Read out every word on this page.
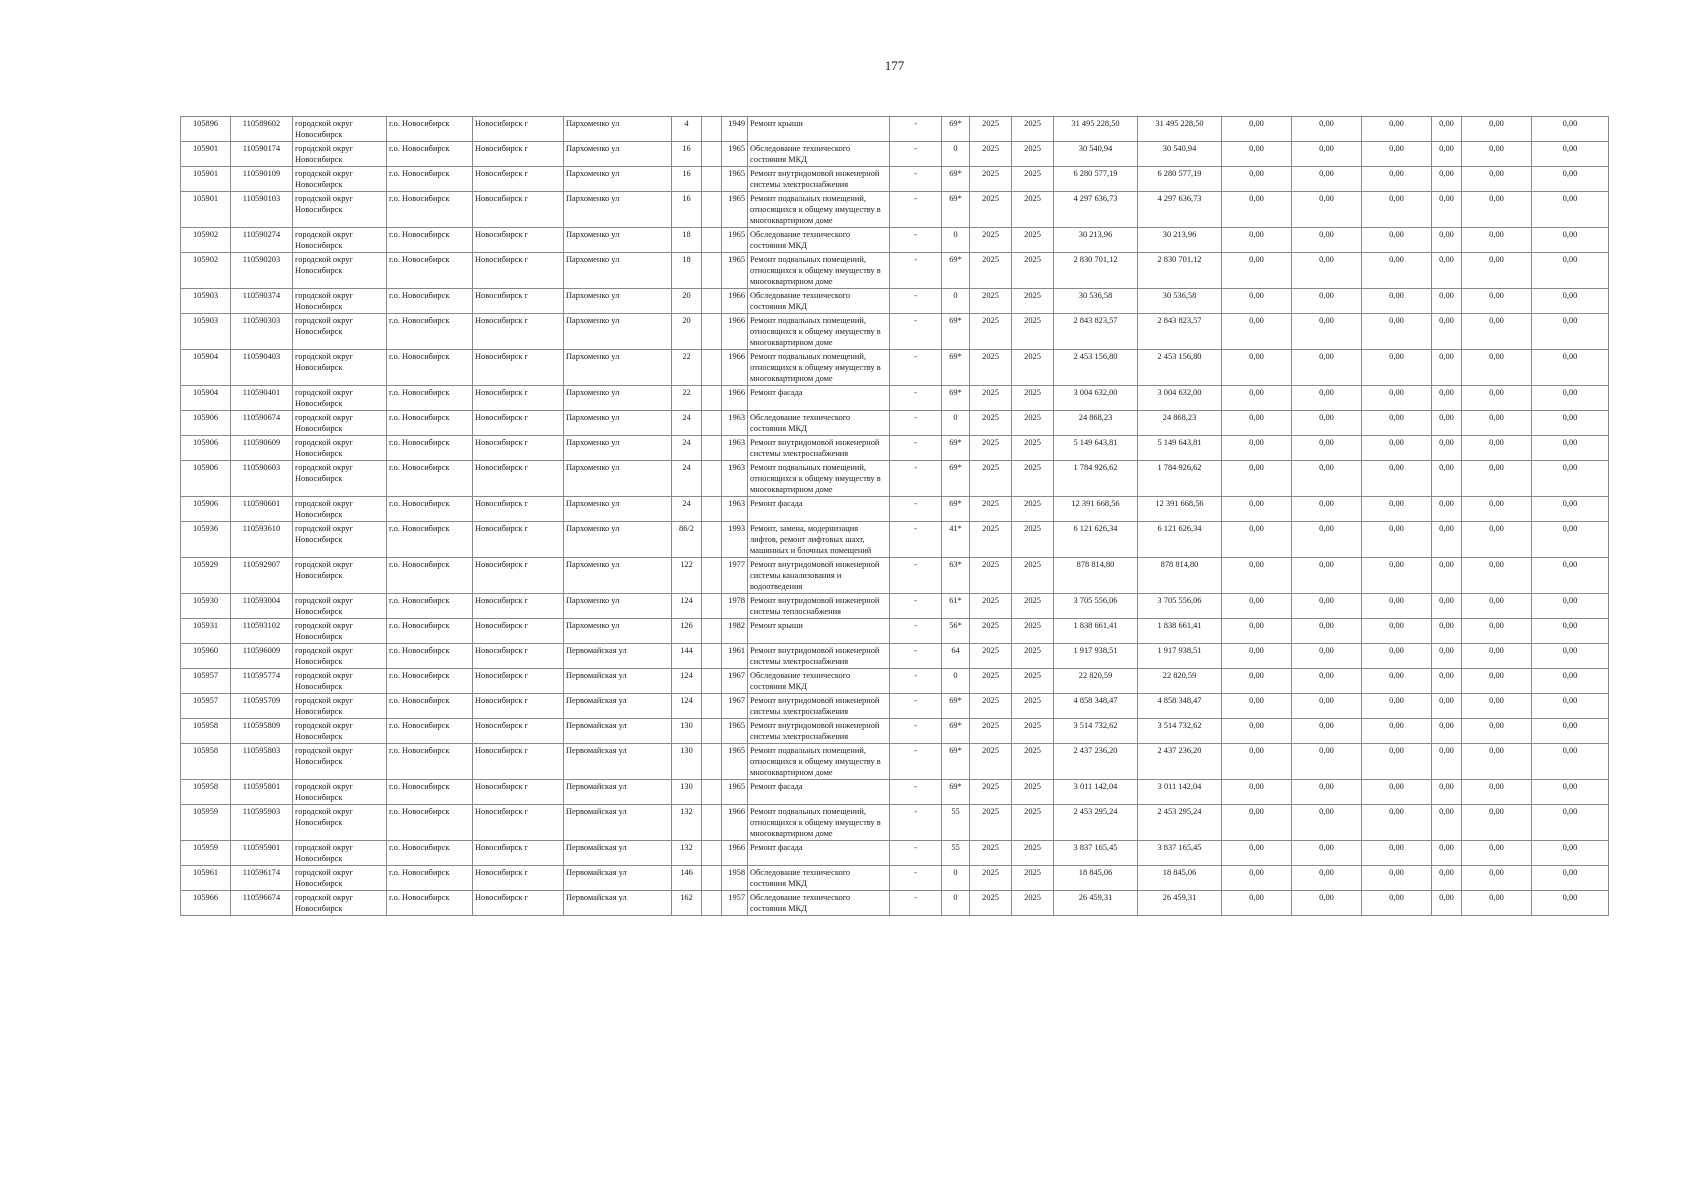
177
105896	110589602	городской округ Новосибирск	г.о. Новосибирск	Новосибирск г	Пархоменко ул	4		1949	Ремонт крыши	-	69*	2025	2025	31 495 228,50	31 495 228,50	0,00	0,00	0,00	0,00	0,00	0,00
105901	110590174	городской округ Новосибирск	г.о. Новосибирск	Новосибирск г	Пархоменко ул	16		1965	Обследование технического состояния МКД	-	0	2025	2025	30 540,94	30 540,94	0,00	0,00	0,00	0,00	0,00	0,00
105901	110590109	городской округ Новосибирск	г.о. Новосибирск	Новосибирск г	Пархоменко ул	16		1965	Ремонт внутридомовой инженерной системы электроснабжения	-	69*	2025	2025	6 280 577,19	6 280 577,19	0,00	0,00	0,00	0,00	0,00	0,00
105901	110590103	городской округ Новосибирск	г.о. Новосибирск	Новосибирск г	Пархоменко ул	16		1965	Ремонт подвальных помещений, относящихся к общему имуществу в многоквартирном доме	-	69*	2025	2025	4 297 636,73	4 297 636,73	0,00	0,00	0,00	0,00	0,00	0,00
105902	110590274	городской округ Новосибирск	г.о. Новосибирск	Новосибирск г	Пархоменко ул	18		1965	Обследование технического состояния МКД	-	0	2025	2025	30 213,96	30 213,96	0,00	0,00	0,00	0,00	0,00	0,00
105902	110590203	городской округ Новосибирск	г.о. Новосибирск	Новосибирск г	Пархоменко ул	18		1965	Ремонт подвальных помещений, относящихся к общему имуществу в многоквартирном доме	-	69*	2025	2025	2 830 701,12	2 830 701,12	0,00	0,00	0,00	0,00	0,00	0,00
105903	110590374	городской округ Новосибирск	г.о. Новосибирск	Новосибирск г	Пархоменко ул	20		1966	Обследование технического состояния МКД	-	0	2025	2025	30 536,58	30 536,58	0,00	0,00	0,00	0,00	0,00	0,00
105903	110590303	городской округ Новосибирск	г.о. Новосибирск	Новосибирск г	Пархоменко ул	20		1966	Ремонт подвальных помещений, относящихся к общему имуществу в многоквартирном доме	-	69*	2025	2025	2 843 823,57	2 843 823,57	0,00	0,00	0,00	0,00	0,00	0,00
105904	110590403	городской округ Новосибирск	г.о. Новосибирск	Новосибирск г	Пархоменко ул	22		1966	Ремонт подвальных помещений, относящихся к общему имуществу в многоквартирном доме	-	69*	2025	2025	2 453 156,80	2 453 156,80	0,00	0,00	0,00	0,00	0,00	0,00
105904	110590401	городской округ Новосибирск	г.о. Новосибирск	Новосибирск г	Пархоменко ул	22		1966	Ремонт фасада	-	69*	2025	2025	3 004 632,00	3 004 632,00	0,00	0,00	0,00	0,00	0,00	0,00
105906	110590674	городской округ Новосибирск	г.о. Новосибирск	Новосибирск г	Пархоменко ул	24		1963	Обследование технического состояния МКД	-	0	2025	2025	24 868,23	24 868,23	0,00	0,00	0,00	0,00	0,00	0,00
105906	110590609	городской округ Новосибирск	г.о. Новосибирск	Новосибирск г	Пархоменко ул	24		1963	Ремонт внутридомовой инженерной системы электроснабжения	-	69*	2025	2025	5 149 643,81	5 149 643,81	0,00	0,00	0,00	0,00	0,00	0,00
105906	110590603	городской округ Новосибирск	г.о. Новосибирск	Новосибирск г	Пархоменко ул	24		1963	Ремонт подвальных помещений, относящихся к общему имуществу в многоквартирном доме	-	69*	2025	2025	1 784 926,62	1 784 926,62	0,00	0,00	0,00	0,00	0,00	0,00
105906	110590601	городской округ Новосибирск	г.о. Новосибирск	Новосибирск г	Пархоменко ул	24		1963	Ремонт фасада	-	69*	2025	2025	12 391 668,56	12 391 668,56	0,00	0,00	0,00	0,00	0,00	0,00
105936	110593610	городской округ Новосибирск	г.о. Новосибирск	Новосибирск г	Пархоменко ул	86/2		1993	Ремонт, замена, модернизация лифтов, ремонт лифтовых шахт, машинных и блочных помещений	-	41*	2025	2025	6 121 626,34	6 121 626,34	0,00	0,00	0,00	0,00	0,00	0,00
105929	110592907	городской округ Новосибирск	г.о. Новосибирск	Новосибирск г	Пархоменко ул	122		1977	Ремонт внутридомовой инженерной системы канализования и водоотведения	-	63*	2025	2025	878 814,80	878 814,80	0,00	0,00	0,00	0,00	0,00	0,00
105930	110593004	городской округ Новосибирск	г.о. Новосибирск	Новосибирск г	Пархоменко ул	124		1978	Ремонт внутридомовой инженерной системы теплоснабжения	-	61*	2025	2025	3 705 556,06	3 705 556,06	0,00	0,00	0,00	0,00	0,00	0,00
105931	110593102	городской округ Новосибирск	г.о. Новосибирск	Новосибирск г	Пархоменко ул	126		1982	Ремонт крыши	-	56*	2025	2025	1 838 661,41	1 838 661,41	0,00	0,00	0,00	0,00	0,00	0,00
105960	110596009	городской округ Новосибирск	г.о. Новосибирск	Новосибирск г	Первомайская ул	144		1961	Ремонт внутридомовой инженерной системы электроснабжения	-	64	2025	2025	1 917 938,51	1 917 938,51	0,00	0,00	0,00	0,00	0,00	0,00
105957	110595774	городской округ Новосибирск	г.о. Новосибирск	Новосибирск г	Первомайская ул	124		1967	Обследование технического состояния МКД	-	0	2025	2025	22 820,59	22 820,59	0,00	0,00	0,00	0,00	0,00	0,00
105957	110595709	городской округ Новосибирск	г.о. Новосибирск	Новосибирск г	Первомайская ул	124		1967	Ремонт внутридомовой инженерной системы электроснабжения	-	69*	2025	2025	4 858 348,47	4 858 348,47	0,00	0,00	0,00	0,00	0,00	0,00
105958	110595809	городской округ Новосибирск	г.о. Новосибирск	Новосибирск г	Первомайская ул	130		1965	Ремонт внутридомовой инженерной системы электроснабжения	-	69*	2025	2025	3 514 732,62	3 514 732,62	0,00	0,00	0,00	0,00	0,00	0,00
105958	110595803	городской округ Новосибирск	г.о. Новосибирск	Новосибирск г	Первомайская ул	130		1965	Ремонт подвальных помещений, относящихся к общему имуществу в многоквартирном доме	-	69*	2025	2025	2 437 236,20	2 437 236,20	0,00	0,00	0,00	0,00	0,00	0,00
105958	110595801	городской округ Новосибирск	г.о. Новосибирск	Новосибирск г	Первомайская ул	130		1965	Ремонт фасада	-	69*	2025	2025	3 011 142,04	3 011 142,04	0,00	0,00	0,00	0,00	0,00	0,00
105959	110595903	городской округ Новосибирск	г.о. Новосибирск	Новосибирск г	Первомайская ул	132		1966	Ремонт подвальных помещений, относящихся к общему имуществу в многоквартирном доме	-	55	2025	2025	2 453 295,24	2 453 295,24	0,00	0,00	0,00	0,00	0,00	0,00
105959	110595901	городской округ Новосибирск	г.о. Новосибирск	Новосибирск г	Первомайская ул	132		1966	Ремонт фасада	-	55	2025	2025	3 837 165,45	3 837 165,45	0,00	0,00	0,00	0,00	0,00	0,00
105961	110596174	городской округ Новосибирск	г.о. Новосибирск	Новосибирск г	Первомайская ул	146		1958	Обследование технического состояния МКД	-	0	2025	2025	18 845,06	18 845,06	0,00	0,00	0,00	0,00	0,00	0,00
105966	110596674	городской округ Новосибирск	г.о. Новосибирск	Новосибирск г	Первомайская ул	162		1957	Обследование технического состояния МКД	-	0	2025	2025	26 459,31	26 459,31	0,00	0,00	0,00	0,00	0,00	0,00
